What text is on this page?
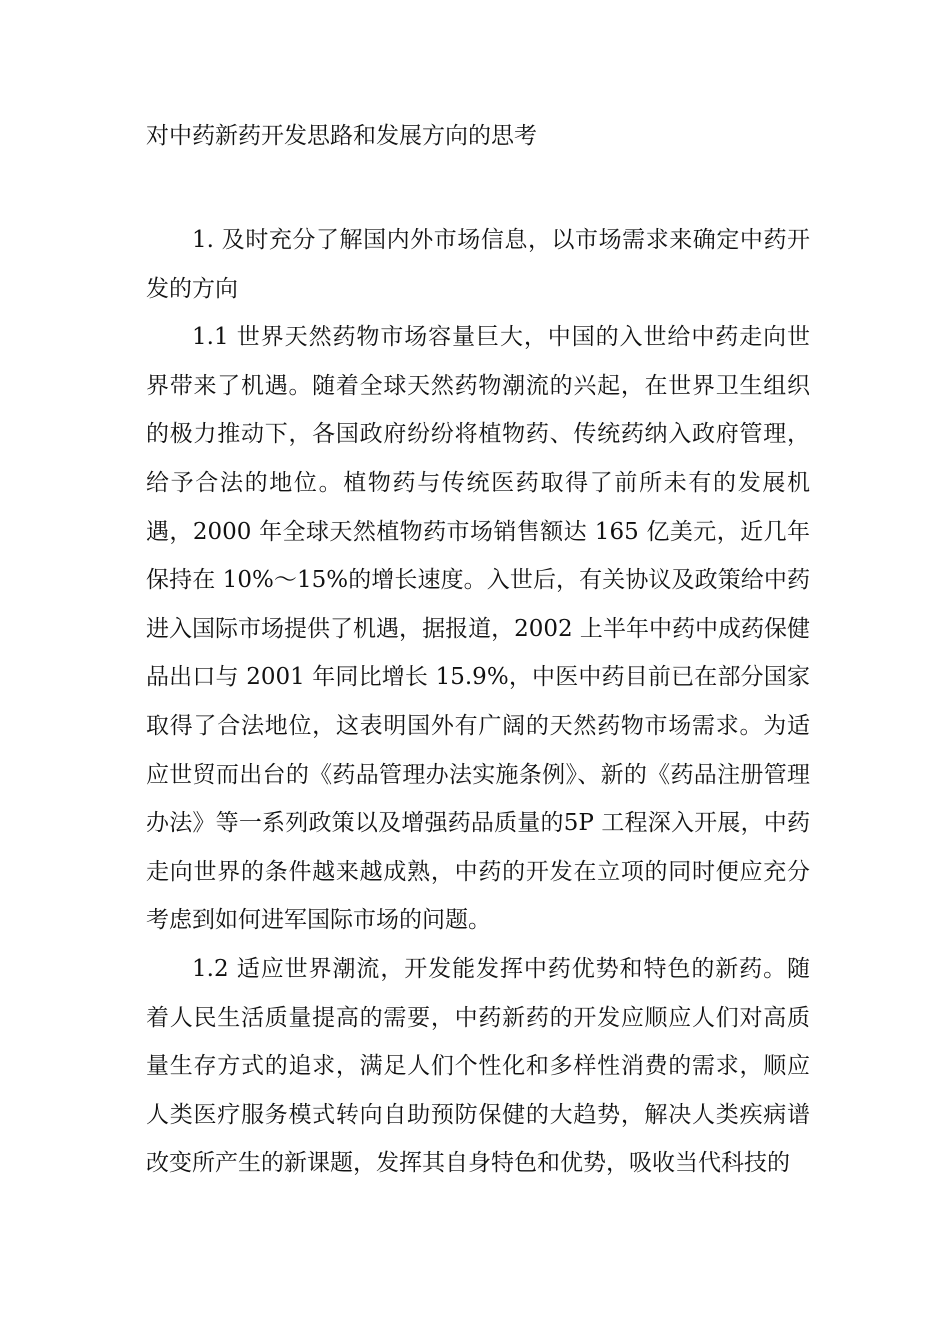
对中药新药开发思路和发展方向的思考

1. 及时充分了解国内外市场信息，以市场需求来确定中药开发的方向

1.1 世界天然药物市场容量巨大，中国的入世给中药走向世界带来了机遇。随着全球天然药物潮流的兴起，在世界卫生组织的极力推动下，各国政府纷纷将植物药、传统药纳入政府管理，给予合法的地位。植物药与传统医药取得了前所未有的发展机遇，2000 年全球天然植物药市场销售额达 165 亿美元，近几年保持在 10%～15%的增长速度。入世后，有关协议及政策给中药进入国际市场提供了机遇，据报道，2002 上半年中药中成药保健品出口与 2001 年同比增长 15.9%，中医中药目前已在部分国家取得了合法地位，这表明国外有广阔的天然药物市场需求。为适应世贸而出台的《药品管理办法实施条例》、新的《药品注册管理办法》等一系列政策以及增强药品质量的5P 工程深入开展，中药走向世界的条件越来越成熟，中药的开发在立项的同时便应充分考虑到如何进军国际市场的问题。

1.2 适应世界潮流，开发能发挥中药优势和特色的新药。随着人民生活质量提高的需要，中药新药的开发应顺应人们对高质量生存方式的追求，满足人们个性化和多样性消费的需求，顺应人类医疗服务模式转向自助预防保健的大趋势，解决人类疾病谱改变所产生的新课题，发挥其自身特色和优势，吸收当代科技的
